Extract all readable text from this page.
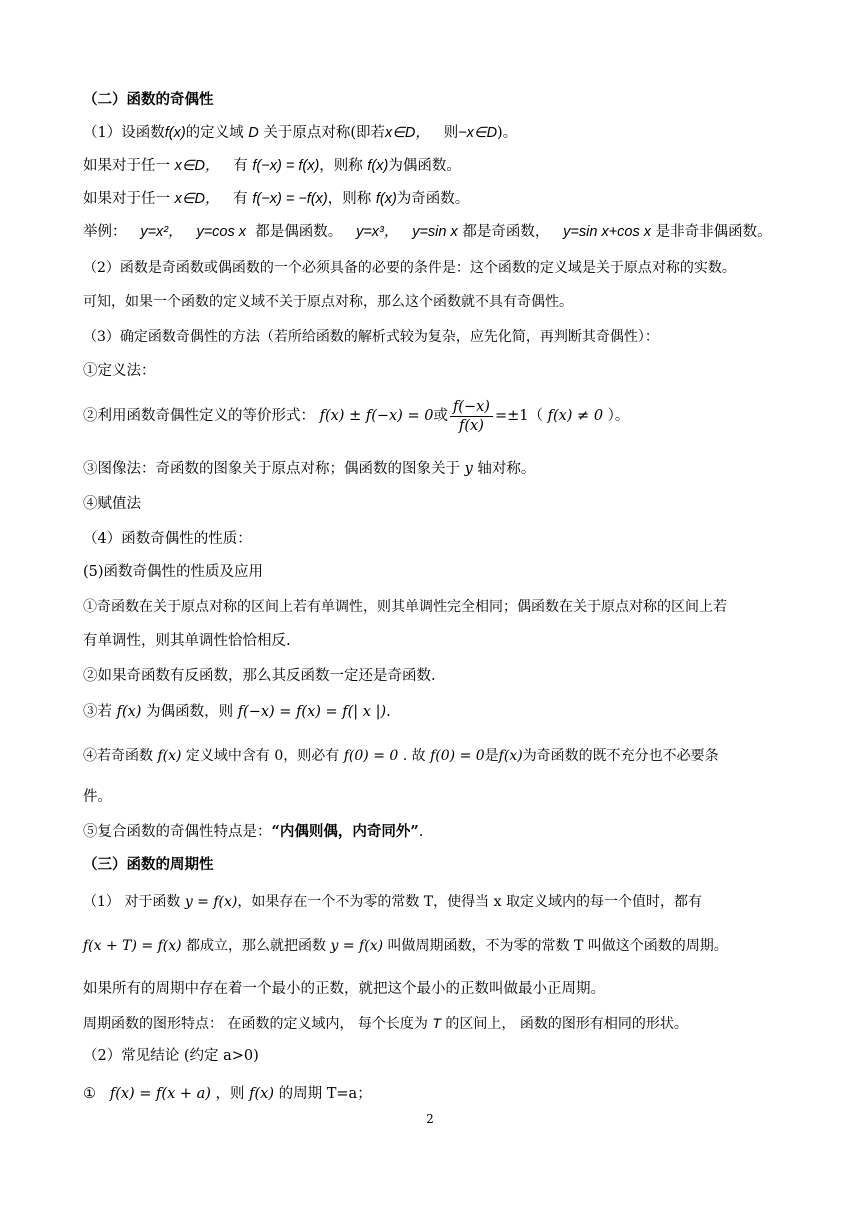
（二）函数的奇偶性
（1）设函数f(x)的定义域 D 关于原点对称(即若x∈D， 则−x∈D)。
如果对于任一 x∈D， 有 f(−x) = f(x)，则称 f(x)为偶函数。
如果对于任一 x∈D， 有 f(−x) = −f(x)，则称 f(x)为奇函数。
举例： y=x²， y=cos x 都是偶函数。 y=x³， y=sin x 都是奇函数， y=sin x+cos x 是非奇非偶函数。
（2）函数是奇函数或偶函数的一个必须具备的必要的条件是：这个函数的定义域是关于原点对称的实数。
可知，如果一个函数的定义域不关于原点对称，那么这个函数就不具有奇偶性。
（3）确定函数奇偶性的方法（若所给函数的解析式较为复杂，应先化简，再判断其奇偶性）：
①定义法：
②利用函数奇偶性定义的等价形式： f(x) ± f(−x) = 0或 $\frac{f(-x)}{f(x)} =\pm 1$（ f(x) ≠ 0 ）。
③图像法：奇函数的图象关于原点对称；偶函数的图象关于 y 轴对称。
④赋值法
（4）函数奇偶性的性质：
(5)函数奇偶性的性质及应用
①奇函数在关于原点对称的区间上若有单调性，则其单调性完全相同；偶函数在关于原点对称的区间上若
有单调性，则其单调性恰恰相反.
②如果奇函数有反函数，那么其反函数一定还是奇函数.
③若 f(x) 为偶函数，则 f(−x) = f(x) = f(| x |).
④若奇函数 f(x) 定义域中含有 0，则必有 f(0) = 0 . 故 f(0) = 0是f(x)为奇函数的既不充分也不必要条
件。
⑤复合函数的奇偶性特点是：“内偶则偶，内奇同外”.
（三）函数的周期性
（1） 对于函数 y = f(x)，如果存在一个不为零的常数 T，使得当 x 取定义域内的每一个值时，都有
f(x + T) = f(x) 都成立，那么就把函数 y = f(x) 叫做周期函数，不为零的常数 T 叫做这个函数的周期。
如果所有的周期中存在着一个最小的正数，就把这个最小的正数叫做最小正周期。
周期函数的图形特点： 在函数的定义域内， 每个长度为 T 的区间上， 函数的图形有相同的形状。
（2）常见结论 (约定 a>0)
① f(x) = f(x + a) ，则 f(x) 的周期 T=a；
2
